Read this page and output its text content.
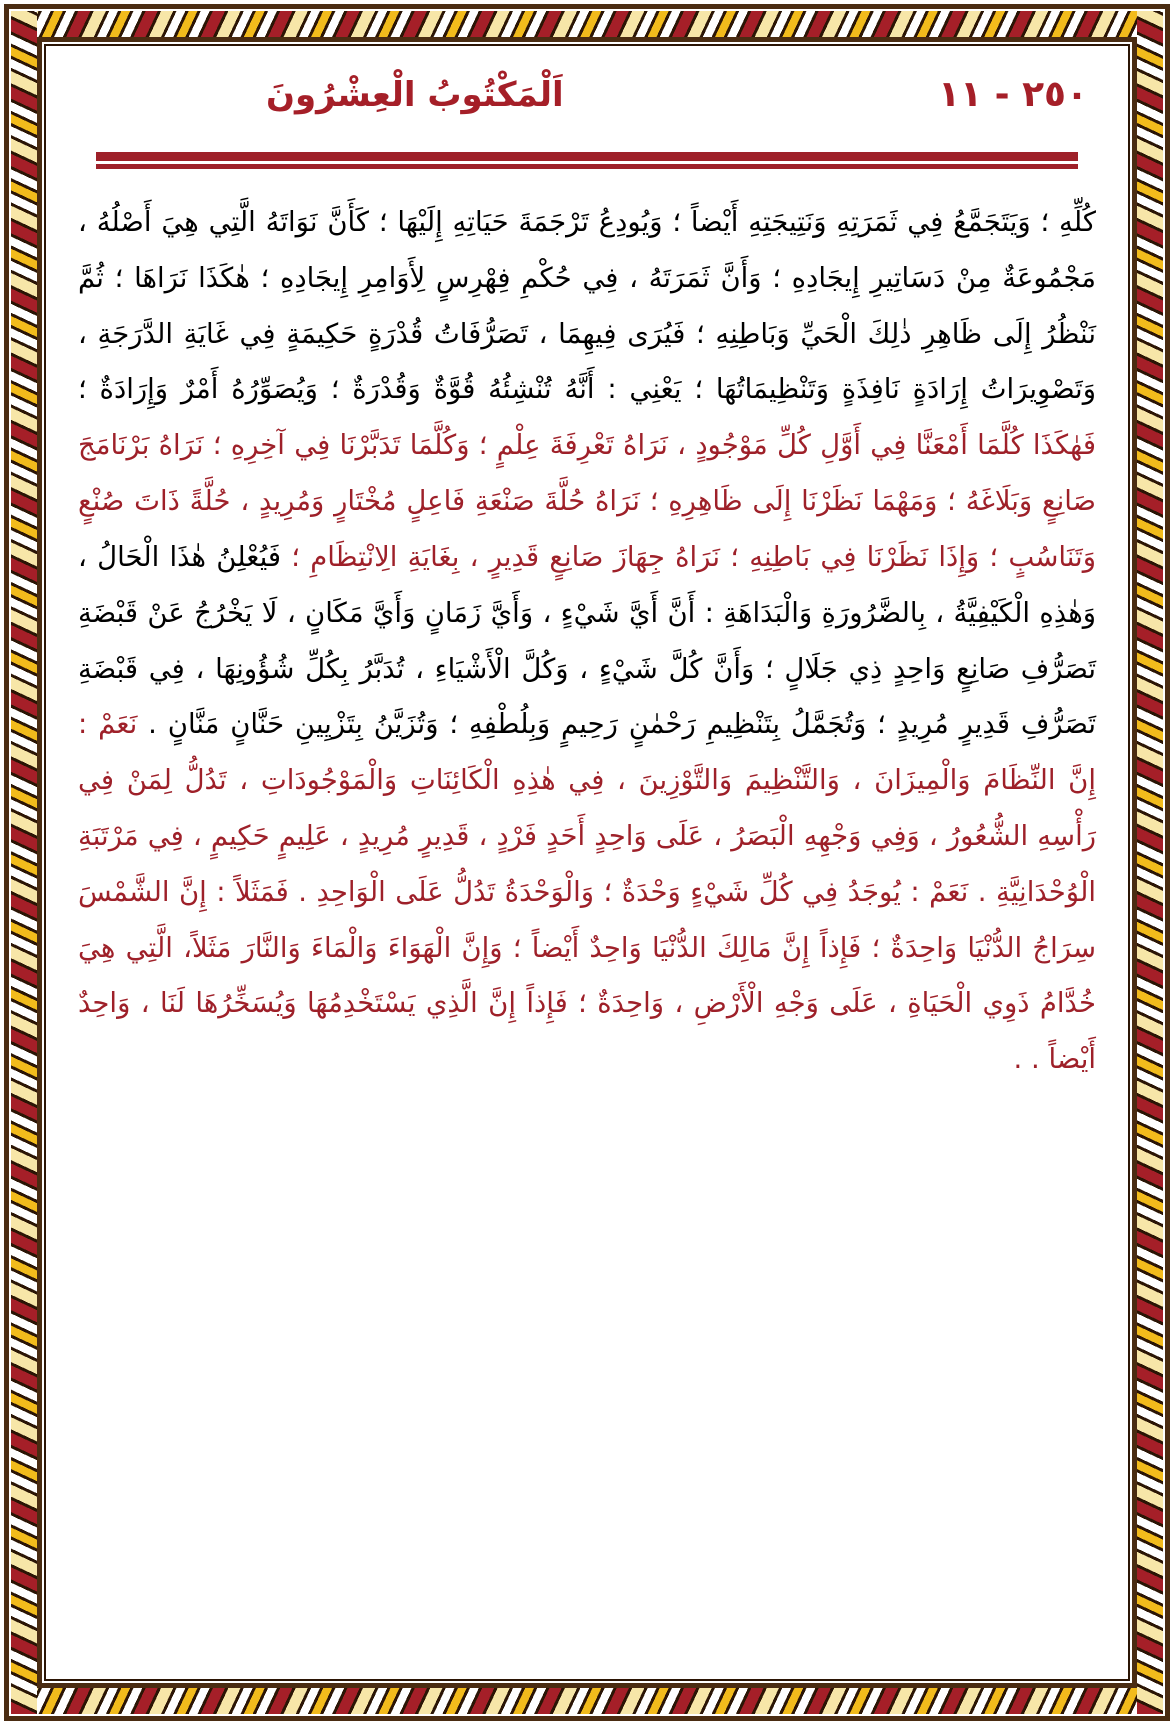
٢٥٠ - ١١
اَلْمَكْتُوبُ الْعِشْرُونَ

كُلِّهِ ؛ وَيَتَجَمَّعُ فِي ثَمَرَتِهِ وَنَتِيجَتِهِ أَيْضاً ؛ وَيُودِعُ تَرْجَمَةَ حَيَاتِهِ إِلَيْهَا ؛ كَأَنَّ نَوَاتَهُ الَّتِي هِيَ أَصْلُهُ ، مَجْمُوعَةٌ مِنْ دَسَاتِيرِ إِيجَادِهِ ؛ وَأَنَّ ثَمَرَتَهُ ، فِي حُكْمِ فِهْرِسٍ لِأَوَامِرِ إِيجَادِهِ ؛ هٰكَذَا نَرَاهَا ؛ ثُمَّ نَنْظُرُ إِلَى ظَاهِرِ ذٰلِكَ الْحَيِّ وَبَاطِنِهِ ؛ فَيُرَى فِيهِمَا ، تَصَرُّفَاتُ قُدْرَةٍ حَكِيمَةٍ فِي غَايَةِ الدَّرَجَةِ ، وَتَصْوِيرَاتُ إِرَادَةٍ نَافِذَةٍ وَتَنْظِيمَاتُهَا ؛ يَعْنِي : أَنَّهُ تُنْشِئُهُ قُوَّةٌ وَقُدْرَةٌ ؛ وَيُصَوِّرُهُ أَمْرٌ وَإِرَادَةٌ ؛ فَهٰكَذَا كُلَّمَا أَمْعَنَّا فِي أَوَّلِ كُلِّ مَوْجُودٍ ، نَرَاهُ تَعْرِفَةَ عِلْمٍ ؛ وَكُلَّمَا تَدَبَّرْنَا فِي آخِرِهِ ؛ نَرَاهُ بَرْنَامَجَ صَانِعٍ وَبَلَاغَهُ ؛ وَمَهْمَا نَظَرْنَا إِلَى ظَاهِرِهِ ؛ نَرَاهُ حُلَّةَ صَنْعَةِ فَاعِلٍ مُخْتَارٍ وَمُرِيدٍ ، حُلَّةً ذَاتَ صُنْعٍ وَتَنَاسُبٍ ؛ وَإِذَا نَظَرْنَا فِي بَاطِنِهِ ؛ نَرَاهُ جِهَازَ صَانِعٍ قَدِيرٍ ، بِغَايَةِ الِانْتِظَامِ ؛ فَيُعْلِنُ هٰذَا الْحَالُ ، وَهٰذِهِ الْكَيْفِيَّةُ ، بِالضَّرُورَةِ وَالْبَدَاهَةِ : أَنَّ أَيَّ شَيْءٍ ، وَأَيَّ زَمَانٍ وَأَيَّ مَكَانٍ ، لَا يَخْرُجُ عَنْ قَبْضَةِ تَصَرُّفِ صَانِعٍ وَاحِدٍ ذِي جَلَالٍ ؛ وَأَنَّ كُلَّ شَيْءٍ ، وَكُلَّ الْأَشْيَاءِ ، تُدَبَّرُ بِكُلِّ شُؤُونِهَا ، فِي قَبْضَةِ تَصَرُّفِ قَدِيرٍ مُرِيدٍ ؛ وَتُجَمَّلُ بِتَنْظِيمِ رَحْمٰنٍ رَحِيمٍ وَبِلُطْفِهِ ؛ وَتُزَيَّنُ بِتَزْيِينِ حَنَّانٍ مَنَّانٍ . نَعَمْ : إِنَّ النِّظَامَ وَالْمِيزَانَ ، وَالتَّنْظِيمَ وَالتَّوْزِينَ ، فِي هٰذِهِ الْكَائِنَاتِ وَالْمَوْجُودَاتِ ، تَدُلُّ لِمَنْ فِي رَأْسِهِ الشُّعُورُ ، وَفِي وَجْهِهِ الْبَصَرُ ، عَلَى وَاحِدٍ أَحَدٍ فَرْدٍ ، قَدِيرٍ مُرِيدٍ ، عَلِيمٍ حَكِيمٍ ، فِي مَرْتَبَةِ الْوُحْدَانِيَّةِ . نَعَمْ : يُوجَدُ فِي كُلِّ شَيْءٍ وَحْدَةٌ ؛ وَالْوَحْدَةُ تَدُلُّ عَلَى الْوَاحِدِ . فَمَثَلاً : إِنَّ الشَّمْسَ سِرَاجُ الدُّنْيَا وَاحِدَةٌ ؛ فَإِذاً إِنَّ مَالِكَ الدُّنْيَا وَاحِدٌ أَيْضاً ؛ وَإِنَّ الْهَوَاءَ وَالْمَاءَ وَالنَّارَ مَثَلاً، الَّتِي هِيَ خُدَّامُ ذَوِي الْحَيَاةِ ، عَلَى وَجْهِ الْأَرْضِ ، وَاحِدَةٌ ؛ فَإِذاً إِنَّ الَّذِي يَسْتَخْدِمُهَا وَيُسَخِّرُهَا لَنَا ، وَاحِدٌ أَيْضاً . .
